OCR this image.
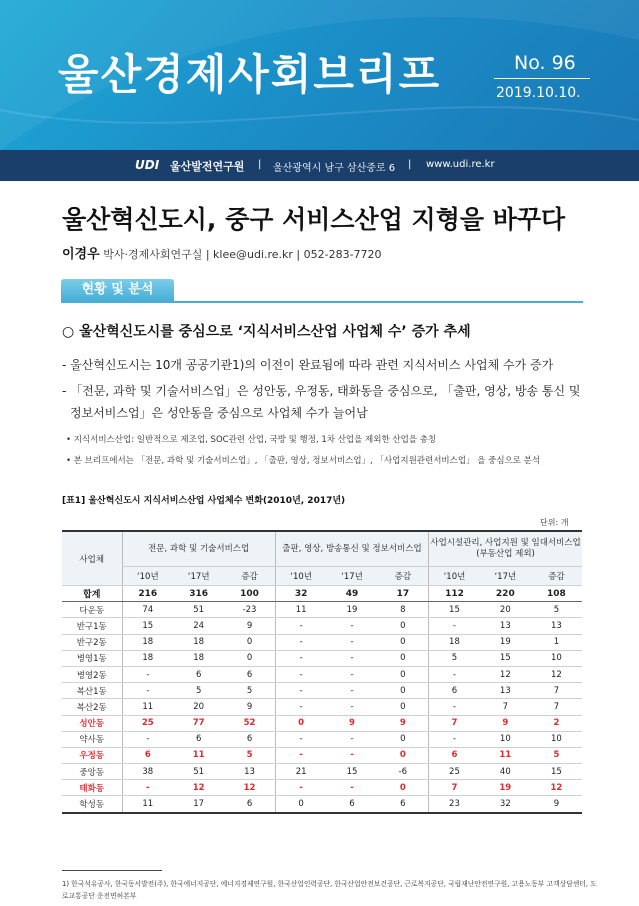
울산경제사회브리프	No. 96
2019.10.10.
UDI 울산발전연구원 | 울산광역시 남구 삼산중로 6 | www.udi.re.kr
울산혁신도시, 중구 서비스산업 지형을 바꾸다
이경우 박사·경제사회연구실 | klee@udi.re.kr | 052-283-7720
현황 및 분석
○ 울산혁신도시를 중심으로 ‘지식서비스산업 사업체 수’ 증가 추세
- 울산혁신도시는 10개 공공기관1)의 이전이 완료됨에 따라 관련 지식서비스 사업체 수가 증가
- 「전문, 과학 및 기술서비스업」은 성안동, 우정동, 태화동을 중심으로, 「출판, 영상, 방송 통신 및
정보서비스업」은 성안동을 중심으로 사업체 수가 늘어남
• 지식서비스산업: 일반적으로 제조업, SOC관련 산업, 국방 및 행정, 1차 산업을 제외한 산업을 총칭
• 본 브리프에서는 「전문, 과학 및 기술서비스업」, 「출판, 영상, 정보서비스업」, 「사업지원관련서비스업」 을 중심으로 분석
[표1] 울산혁신도시 지식서비스산업 사업체수 변화(2010년, 2017년)
단위: 개
사업체	전문, 과학 및 기술서비스업			출판, 영상, 방송통신 및 정보서비스업			사업시설관리, 사업지원 및 임대서비스업(부동산업 제외)		
	‘10년	‘17년	증감	‘10년	‘17년	증감	‘10년	‘17년	증감
합계	216	316	100	32	49	17	112	220	108
다운동	74	51	-23	11	19	8	15	20	5
반구1동	15	24	9	-	-	0	-	13	13
반구2동	18	18	0	-	-	0	18	19	1
병영1동	18	18	0	-	-	0	5	15	10
병영2동	-	6	6	-	-	0	-	12	12
복산1동	-	5	5	-	-	0	6	13	7
복산2동	11	20	9	-	-	0	-	7	7
성안동	25	77	52	0	9	9	7	9	2
약사동	-	6	6	-	-	0	-	10	10
우정동	6	11	5	-	-	0	6	11	5
중앙동	38	51	13	21	15	-6	25	40	15
태화동	-	12	12	-	-	0	7	19	12
학성동	11	17	6	0	6	6	23	32	9
1) 한국석유공사, 한국동서발전(주), 한국에너지공단, 에너지경제연구원, 한국산업인력공단, 한국산업안전보건공단, 근로복지공단, 국립재난안전연구원, 고용노동부 고객상담센터, 도로교통공단 운전면허본부
